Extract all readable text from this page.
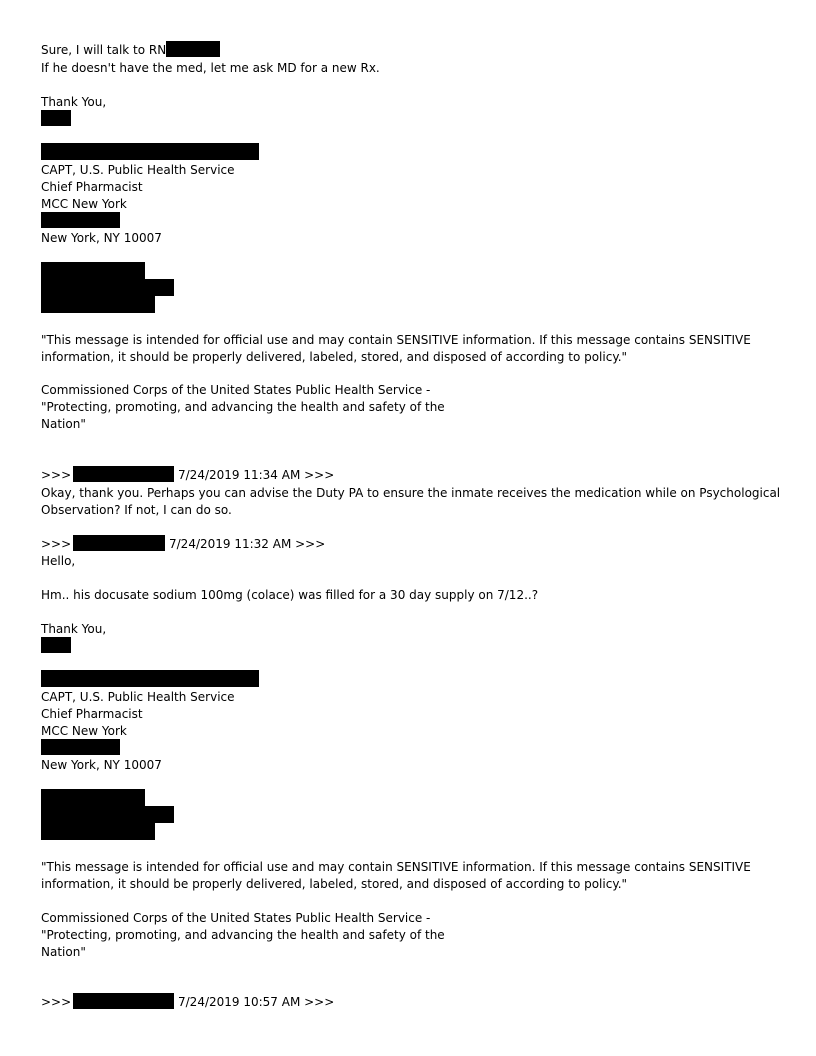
Sure, I will talk to RN
If he doesn't have the med, let me ask MD for a new Rx.
Thank You,
CAPT, U.S. Public Health Service
Chief Pharmacist
MCC New York
New York, NY 10007
"This message is intended for official use and may contain SENSITIVE information. If this message contains SENSITIVE
information, it should be properly delivered, labeled, stored, and disposed of according to policy."
Commissioned Corps of the United States Public Health Service -
"Protecting, promoting, and advancing the health and safety of the
Nation"
>>>	7/24/2019 11:34 AM >>>
Okay, thank you. Perhaps you can advise the Duty PA to ensure the inmate receives the medication while on Psychological
Observation? If not, I can do so.
>>>	7/24/2019 11:32 AM >>>
Hello,
Hm.. his docusate sodium 100mg (colace) was filled for a 30 day supply on 7/12..?
Thank You,
CAPT, U.S. Public Health Service
Chief Pharmacist
MCC New York
New York, NY 10007
"This message is intended for official use and may contain SENSITIVE information. If this message contains SENSITIVE
information, it should be properly delivered, labeled, stored, and disposed of according to policy."
Commissioned Corps of the United States Public Health Service -
"Protecting, promoting, and advancing the health and safety of the
Nation"
>>>	7/24/2019 10:57 AM >>>
